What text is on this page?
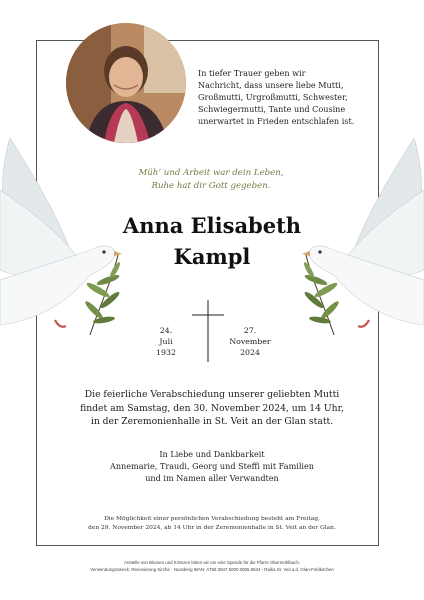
In tiefer Trauer geben wir
Nachricht, dass unsere liebe Mutti,
Großmutti, Urgroßmutti, Schwester,
Schwiegermutti, Tante und Cousine
unerwartet in Frieden entschlafen ist.
Müh’ und Arbeit war dein Leben,
Ruhe hat dir Gott gegeben.
Anna Elisabeth
Kampl
24.
Juli
1932
27.
November
2024
Die feierliche Verabschiedung unserer geliebten Mutti
findet am Samstag, den 30. November 2024, um 14 Uhr,
in der Zeremonienhalle in St. Veit an der Glan statt.
In Liebe und Dankbarkeit
Annemarie, Traudi, Georg und Steffi mit Familien
und im Namen aller Verwandten
Die Möglichkeit einer persönlichen Verabschiedung besteht am Freitag,
den 29. November 2024, ab 14 Uhr in der Zeremonienhalle in St. Veit an der Glan.
Anstelle von Blumen und Kränzen bitten wir um eine Spende für die Pfarre Obermühlbach.
Verwendungszweck: Renovierung Kirche - Nussberg IBAN: AT58 3947 5000 0005 9634 - Raika St. Veit a.d. Glan-Feldkirchen
